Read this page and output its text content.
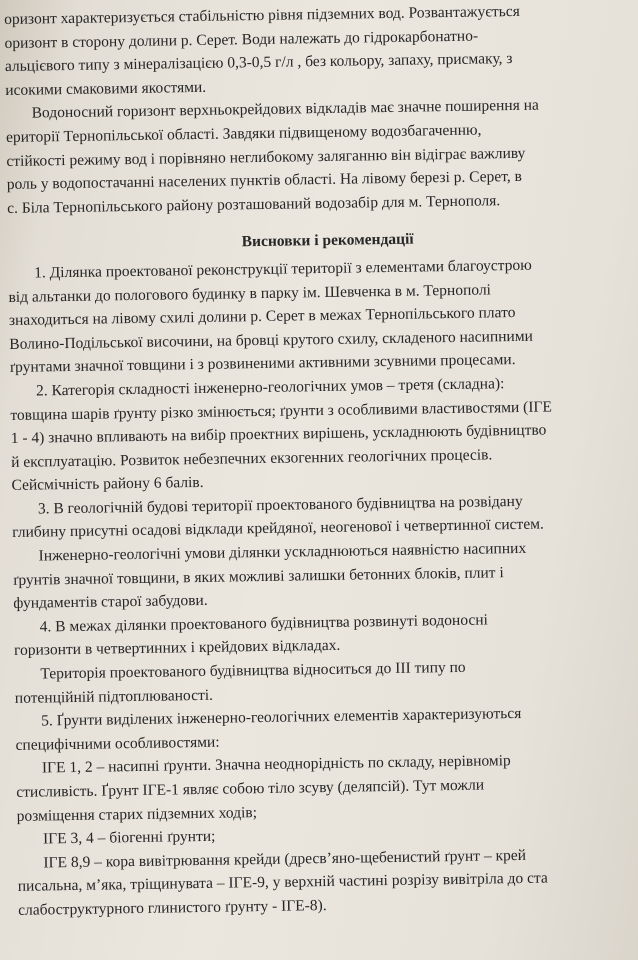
оризонт характеризується стабільністю рівня підземних вод. Розвантажується
оризонт в сторону долини р. Серет. Води належать до гідрокарбонатно-
альцієвого типу з мінералізацією 0,3-0,5 г/л , без кольору, запаху, присмаку, з
исокими смаковими якостями.
Водоносний горизонт верхньокрейдових відкладів має значне поширення на
ериторії Тернопільської області. Завдяки підвищеному водозбагаченню,
стійкості режиму вод і порівняно неглибокому заляганню він відіграє важливу
роль у водопостачанні населених пунктів області. На лівому березі р. Серет, в
с. Біла Тернопільського району розташований водозабір для м. Тернополя.
Висновки і рекомендації
1. Ділянка проектованої реконструкції території з елементами благоустрою
від альтанки до пологового будинку в парку ім. Шевченка в м. Тернополі
знаходиться на лівому схилі долини р. Серет в межах Тернопільського плато
Волино-Подільської височини, на бровці крутого схилу, складеного насипними
ґрунтами значної товщини і з розвиненими активними зсувними процесами.
2. Категорія складності інженерно-геологічних умов – третя (складна):
товщина шарів ґрунту різко змінюється; ґрунти з особливими властивостями (ІГЕ
1 - 4) значно впливають на вибір проектних вирішень, ускладнюють будівництво
й експлуатацію. Розвиток небезпечних екзогенних геологічних процесів.
Сейсмічність району 6 балів.
3. В геологічній будові території проектованого будівництва на розвідану
глибину присутні осадові відклади крейдяної, неогенової і четвертинної систем.
Інженерно-геологічні умови ділянки ускладнюються наявністю насипних
ґрунтів значної товщини, в яких можливі залишки бетонних блоків, плит і
фундаментів старої забудови.
4. В межах ділянки проектованого будівництва розвинуті водоносні
горизонти в четвертинних і крейдових відкладах.
Територія проектованого будівництва відноситься до ІІІ типу по
потенційній підтоплюваності.
5. Ґрунти виділених інженерно-геологічних елементів характеризуються
специфічними особливостями:
ІГЕ 1, 2 – насипні ґрунти. Значна неоднорідність по складу, нерівномір
стисливість. Ґрунт ІГЕ-1 являє собою тіло зсуву (деляпсій). Тут можли
розміщення старих підземних ходів;
ІГЕ 3, 4 – біогенні ґрунти;
ІГЕ 8,9 – кора вивітрювання крейди (дресв’яно-щебенистий ґрунт – крей
писальна, м’яка, тріщинувата – ІГЕ-9, у верхній частині розрізу вивітріла до ста
слабоструктурного глинистого ґрунту - ІГЕ-8).
